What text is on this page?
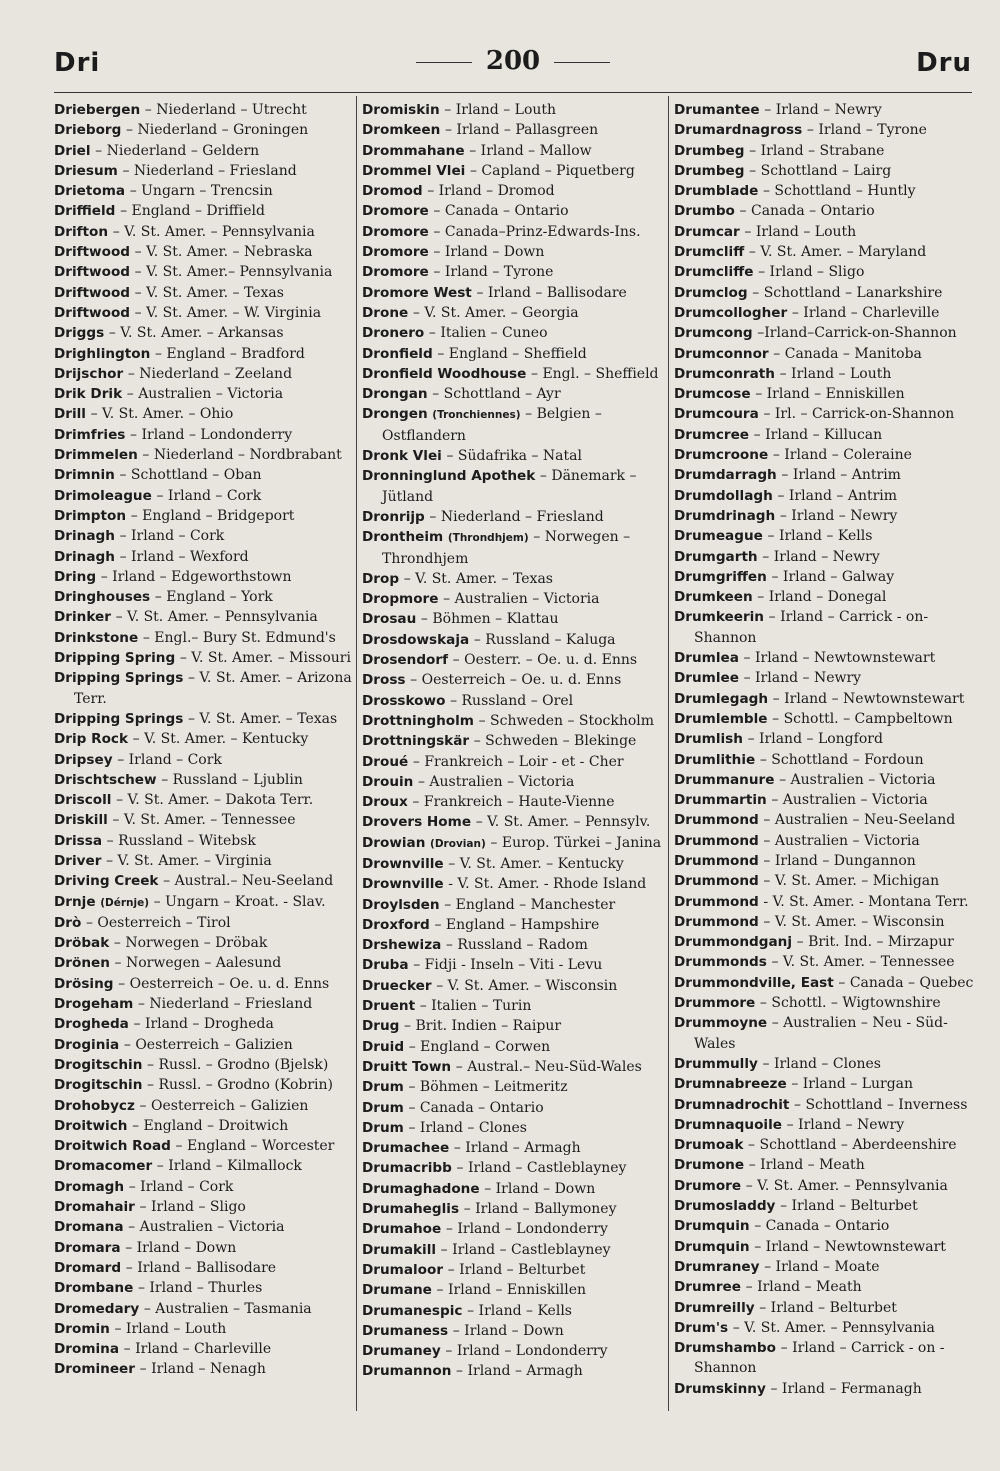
Dri	200	Dru
Driebergen – Niederland – Utrecht
Drieborg – Niederland – Groningen
Driel – Niederland – Geldern
Driesum – Niederland – Friesland
Drietoma – Ungarn – Trencsin
Driffield – England – Driffield
Drifton – V. St. Amer. – Pennsylvania
Driftwood – V. St. Amer. – Nebraska
Driftwood – V. St. Amer.– Pennsylvania
Driftwood – V. St. Amer. – Texas
Driftwood – V. St. Amer. – W. Virginia
Driggs – V. St. Amer. – Arkansas
Drighlington – England – Bradford
Drijschor – Niederland – Zeeland
Drik Drik – Australien – Victoria
Drill – V. St. Amer. – Ohio
Drimfries – Irland – Londonderry
Drimmelen – Niederland – Nordbrabant
Drimnin – Schottland – Oban
Drimoleague – Irland – Cork
Drimpton – England – Bridgeport
Drinagh – Irland – Cork
Drinagh – Irland – Wexford
Dring – Irland – Edgeworthstown
Dringhouses – England – York
Drinker – V. St. Amer. – Pennsylvania
Drinkstone – Engl.– Bury St. Edmund's
Dripping Spring – V. St. Amer. – Missouri
Dripping Springs – V. St. Amer. – Arizona Terr.
Dripping Springs – V. St. Amer. – Texas
Drip Rock – V. St. Amer. – Kentucky
Dripsey – Irland – Cork
Drischtschew – Russland – Ljublin
Driscoll – V. St. Amer. – Dakota Terr.
Driskill – V. St. Amer. – Tennessee
Drissa – Russland – Witebsk
Driver – V. St. Amer. – Virginia
Driving Creek – Austral.– Neu-Seeland
Drnje (Dérnje) – Ungarn – Kroat. - Slav.
Drò – Oesterreich – Tirol
Dröbak – Norwegen – Dröbak
Drönen – Norwegen – Aalesund
Drösing – Oesterreich – Oe. u. d. Enns
Drogeham – Niederland – Friesland
Drogheda – Irland – Drogheda
Droginia – Oesterreich – Galizien
Drogitschin – Russl. – Grodno (Bjelsk)
Drogitschin – Russl. – Grodno (Kobrin)
Drohobycz – Oesterreich – Galizien
Droitwich – England – Droitwich
Droitwich Road – England – Worcester
Dromacomer – Irland – Kilmallock
Dromagh – Irland – Cork
Dromahair – Irland – Sligo
Dromana – Australien – Victoria
Dromara – Irland – Down
Dromard – Irland – Ballisodare
Drombane – Irland – Thurles
Dromedary – Australien – Tasmania
Dromin – Irland – Louth
Dromina – Irland – Charleville
Dromineer – Irland – Nenagh
Dromiskin – Irland – Louth
Dromkeen – Irland – Pallasgreen
Drommahane – Irland – Mallow
Drommel Vlei – Capland – Piquetberg
Dromod – Irland – Dromod
Dromore – Canada – Ontario
Dromore – Canada–Prinz-Edwards-Ins.
Dromore – Irland – Down
Dromore – Irland – Tyrone
Dromore West – Irland – Ballisodare
Drone – V. St. Amer. – Georgia
Dronero – Italien – Cuneo
Dronfield – England – Sheffield
Dronfield Woodhouse – Engl. – Sheffield
Drongan – Schottland – Ayr
Drongen (Tronchiennes) – Belgien – Ostflandern
Dronk Vlei – Südafrika – Natal
Dronninglund Apothek – Dänemark – Jütland
Dronrijp – Niederland – Friesland
Drontheim (Throndhjem) – Norwegen – Throndhjem
Drop – V. St. Amer. – Texas
Dropmore – Australien – Victoria
Drosau – Böhmen – Klattau
Drosdowskaja – Russland – Kaluga
Drosendorf – Oesterr. – Oe. u. d. Enns
Dross – Oesterreich – Oe. u. d. Enns
Drosskowo – Russland – Orel
Drottningholm – Schweden – Stockholm
Drottningskär – Schweden – Blekinge
Droué – Frankreich – Loir - et - Cher
Drouin – Australien – Victoria
Droux – Frankreich – Haute-Vienne
Drovers Home – V. St. Amer. – Pennsylv.
Drowian (Drovian) – Europ. Türkei – Janina
Drownville – V. St. Amer. – Kentucky
Drownville - V. St. Amer. - Rhode Island
Droylsden – England – Manchester
Droxford – England – Hampshire
Drshewiza – Russland – Radom
Druba – Fidji - Inseln – Viti - Levu
Druecker – V. St. Amer. – Wisconsin
Druent – Italien – Turin
Drug – Brit. Indien – Raipur
Druid – England – Corwen
Druitt Town – Austral.– Neu-Süd-Wales
Drum – Böhmen – Leitmeritz
Drum – Canada – Ontario
Drum – Irland – Clones
Drumachee – Irland – Armagh
Drumacribb – Irland – Castleblayney
Drumaghadone – Irland – Down
Drumaheglis – Irland – Ballymoney
Drumahoe – Irland – Londonderry
Drumakill – Irland – Castleblayney
Drumaloor – Irland – Belturbet
Drumane – Irland – Enniskillen
Drumanespic – Irland – Kells
Drumaness – Irland – Down
Drumaney – Irland – Londonderry
Drumannon – Irland – Armagh
Drumantee – Irland – Newry
Drumardnagross – Irland – Tyrone
Drumbeg – Irland – Strabane
Drumbeg – Schottland – Lairg
Drumblade – Schottland – Huntly
Drumbo – Canada – Ontario
Drumcar – Irland – Louth
Drumcliff – V. St. Amer. – Maryland
Drumcliffe – Irland – Sligo
Drumclog – Schottland – Lanarkshire
Drumcollogher – Irland – Charleville
Drumcong –Irland–Carrick-on-Shannon
Drumconnor – Canada – Manitoba
Drumconrath – Irland – Louth
Drumcose – Irland – Enniskillen
Drumcoura – Irl. – Carrick-on-Shannon
Drumcree – Irland – Killucan
Drumcroone – Irland – Coleraine
Drumdarragh – Irland – Antrim
Drumdollagh – Irland – Antrim
Drumdrinagh – Irland – Newry
Drumeague – Irland – Kells
Drumgarth – Irland – Newry
Drumgriffen – Irland – Galway
Drumkeen – Irland – Donegal
Drumkeerin – Irland – Carrick - on- Shannon
Drumlea – Irland – Newtownstewart
Drumlee – Irland – Newry
Drumlegagh – Irland – Newtownstewart
Drumlemble – Schottl. – Campbeltown
Drumlish – Irland – Longford
Drumlithie – Schottland – Fordoun
Drummanure – Australien – Victoria
Drummartin – Australien – Victoria
Drummond – Australien – Neu-Seeland
Drummond – Australien – Victoria
Drummond – Irland – Dungannon
Drummond – V. St. Amer. – Michigan
Drummond - V. St. Amer. - Montana Terr.
Drummond – V. St. Amer. – Wisconsin
Drummondganj – Brit. Ind. – Mirzapur
Drummonds – V. St. Amer. – Tennessee
Drummondville, East – Canada – Quebec
Drummore – Schottl. – Wigtownshire
Drummoyne – Australien – Neu - Süd-Wales
Drummully – Irland – Clones
Drumnabreeze – Irland – Lurgan
Drumnadrochit – Schottland – Inverness
Drumnaquoile – Irland – Newry
Drumoak – Schottland – Aberdeenshire
Drumone – Irland – Meath
Drumore – V. St. Amer. – Pennsylvania
Drumosladdy – Irland – Belturbet
Drumquin – Canada – Ontario
Drumquin – Irland – Newtownstewart
Drumraney – Irland – Moate
Drumree – Irland – Meath
Drumreilly – Irland – Belturbet
Drum's – V. St. Amer. – Pennsylvania
Drumshambo – Irland – Carrick - on - Shannon
Drumskinny – Irland – Fermanagh
